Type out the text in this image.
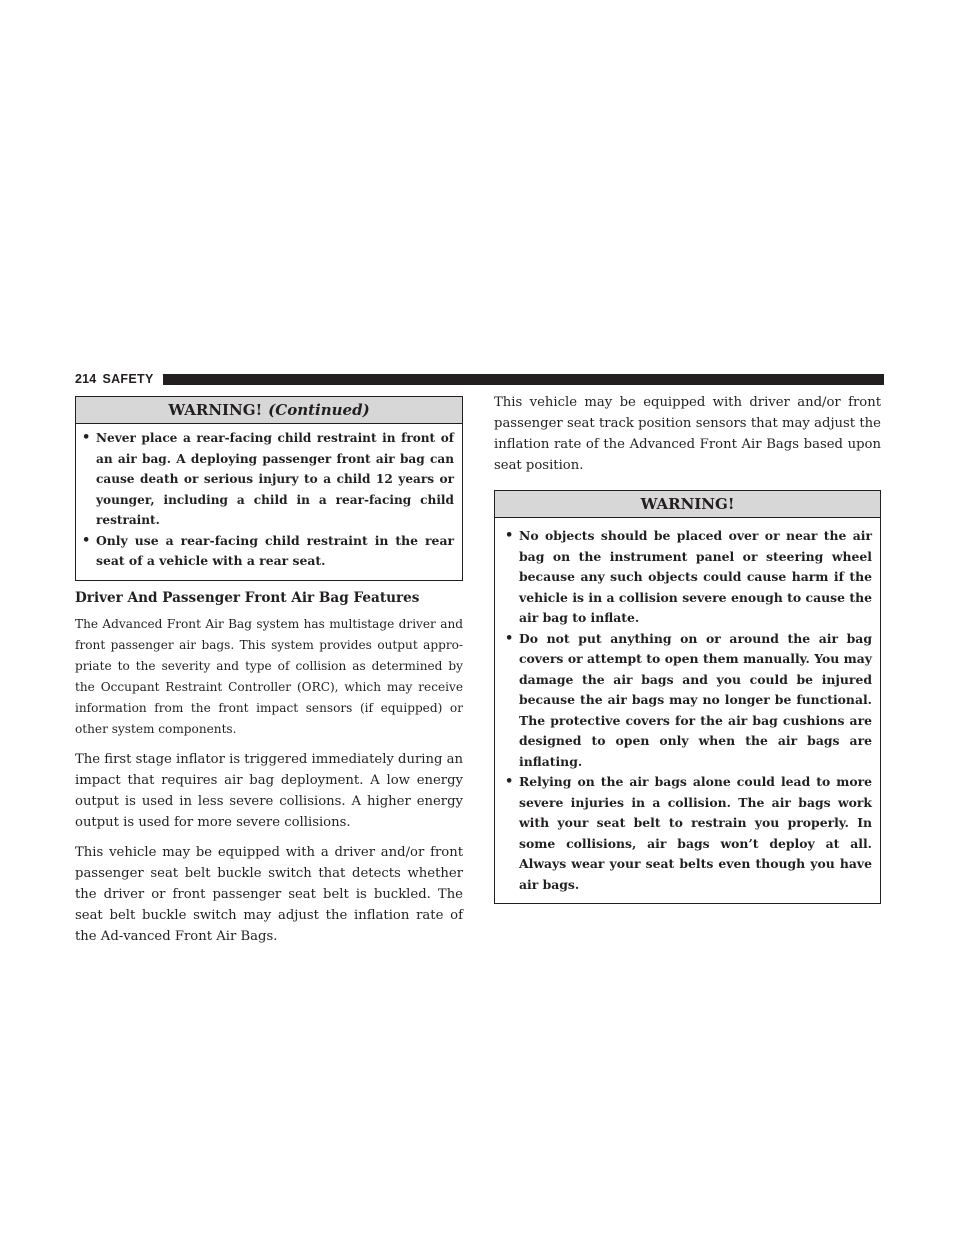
214 SAFETY
WARNING! (Continued)
• Never place a rear-facing child restraint in front of an air bag. A deploying passenger front air bag can cause death or serious injury to a child 12 years or younger, including a child in a rear-facing child restraint.
• Only use a rear-facing child restraint in the rear seat of a vehicle with a rear seat.
Driver And Passenger Front Air Bag Features

The Advanced Front Air Bag system has multistage driver and front passenger air bags. This system provides output appro-priate to the severity and type of collision as determined by the Occupant Restraint Controller (ORC), which may receive information from the front impact sensors (if equipped) or other system components.

The first stage inflator is triggered immediately during an impact that requires air bag deployment. A low energy output is used in less severe collisions. A higher energy output is used for more severe collisions.

This vehicle may be equipped with a driver and/or front passenger seat belt buckle switch that detects whether the driver or front passenger seat belt is buckled. The seat belt buckle switch may adjust the inflation rate of the Ad-vanced Front Air Bags.

This vehicle may be equipped with driver and/or front passenger seat track position sensors that may adjust the inflation rate of the Advanced Front Air Bags based upon seat position.

WARNING!
• No objects should be placed over or near the air bag on the instrument panel or steering wheel because any such objects could cause harm if the vehicle is in a collision severe enough to cause the air bag to inflate.
• Do not put anything on or around the air bag covers or attempt to open them manually. You may damage the air bags and you could be injured because the air bags may no longer be functional. The protective covers for the air bag cushions are designed to open only when the air bags are inflating.
• Relying on the air bags alone could lead to more severe injuries in a collision. The air bags work with your seat belt to restrain you properly. In some collisions, air bags won’t deploy at all. Always wear your seat belts even though you have air bags.
